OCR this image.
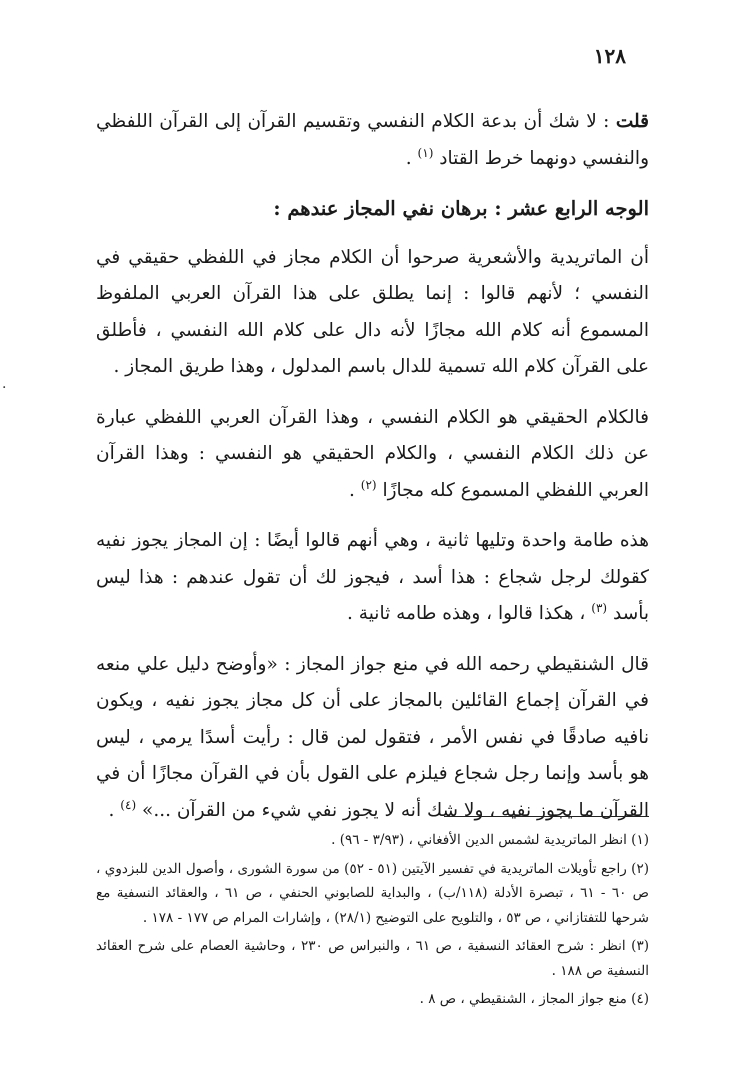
١٢٨
·

قلت : لا شك أن بدعة الكلام النفسي وتقسيم القرآن إلى القرآن اللفظي والنفسي دونهما خرط القتاد $^{(١)}$ .

الوجه الرابع عشر : برهان نفي المجاز عندهم :

أن الماتريدية والأشعرية صرحوا أن الكلام مجاز في اللفظي حقيقي في النفسي ؛ لأنهم قالوا : إنما يطلق على هذا القرآن العربي الملفوظ المسموع أنه كلام الله مجازًا لأنه دال على كلام الله النفسي ، فأطلق على القرآن كلام الله تسمية للدال باسم المدلول ، وهذا طريق المجاز .

فالكلام الحقيقي هو الكلام النفسي ، وهذا القرآن العربي اللفظي عبارة عن ذلك الكلام النفسي ، والكلام الحقيقي هو النفسي : وهذا القرآن العربي اللفظي المسموع كله مجازًا $^{(٢)}$ .

هذه طامة واحدة وتليها ثانية ، وهي أنهم قالوا أيضًا : إن المجاز يجوز نفيه كقولك لرجل شجاع : هذا أسد ، فيجوز لك أن تقول عندهم : هذا ليس بأسد $^{(٣)}$ ، هكذا قالوا ، وهذه طامه ثانية .

قال الشنقيطي رحمه الله في منع جواز المجاز : «وأوضح دليل علي منعه في القرآن إجماع القائلين بالمجاز على أن كل مجاز يجوز نفيه ، ويكون نافيه صادقًا في نفس الأمر ، فتقول لمن قال : رأيت أسدًا يرمي ، ليس هو بأسد وإنما رجل شجاع فيلزم على القول بأن في القرآن مجازًا أن في القرآن ما يجوز نفيه ، ولا شك أنه لا يجوز نفي شيء من القرآن ...» $^{(٤)}$ .

(١) انظر الماتريدية لشمس الدين الأفغاني ، (٣/٩٣ - ٩٦) .

(٢) راجع تأويلات الماتريدية في تفسير الآيتين (٥١ - ٥٢) من سورة الشورى ، وأصول الدين للبزدوي ، ص ٦٠ - ٦١ ، تبصرة الأدلة (١١٨/ب) ، والبداية للصابوني الحنفي ، ص ٦١ ، والعقائد النسفية مع شرحها للتفتازاني ، ص ٥٣ ، والتلويح على التوضيح (٢٨/١) ، وإشارات المرام ص ١٧٧ - ١٧٨ .

(٣) انظر : شرح العقائد النسفية ، ص ٦١ ، والنبراس ص ٢٣٠ ، وحاشية العصام على شرح العقائد النسفية ص ١٨٨ .

(٤) منع جواز المجاز ، الشنقيطي ، ص ٨ .
